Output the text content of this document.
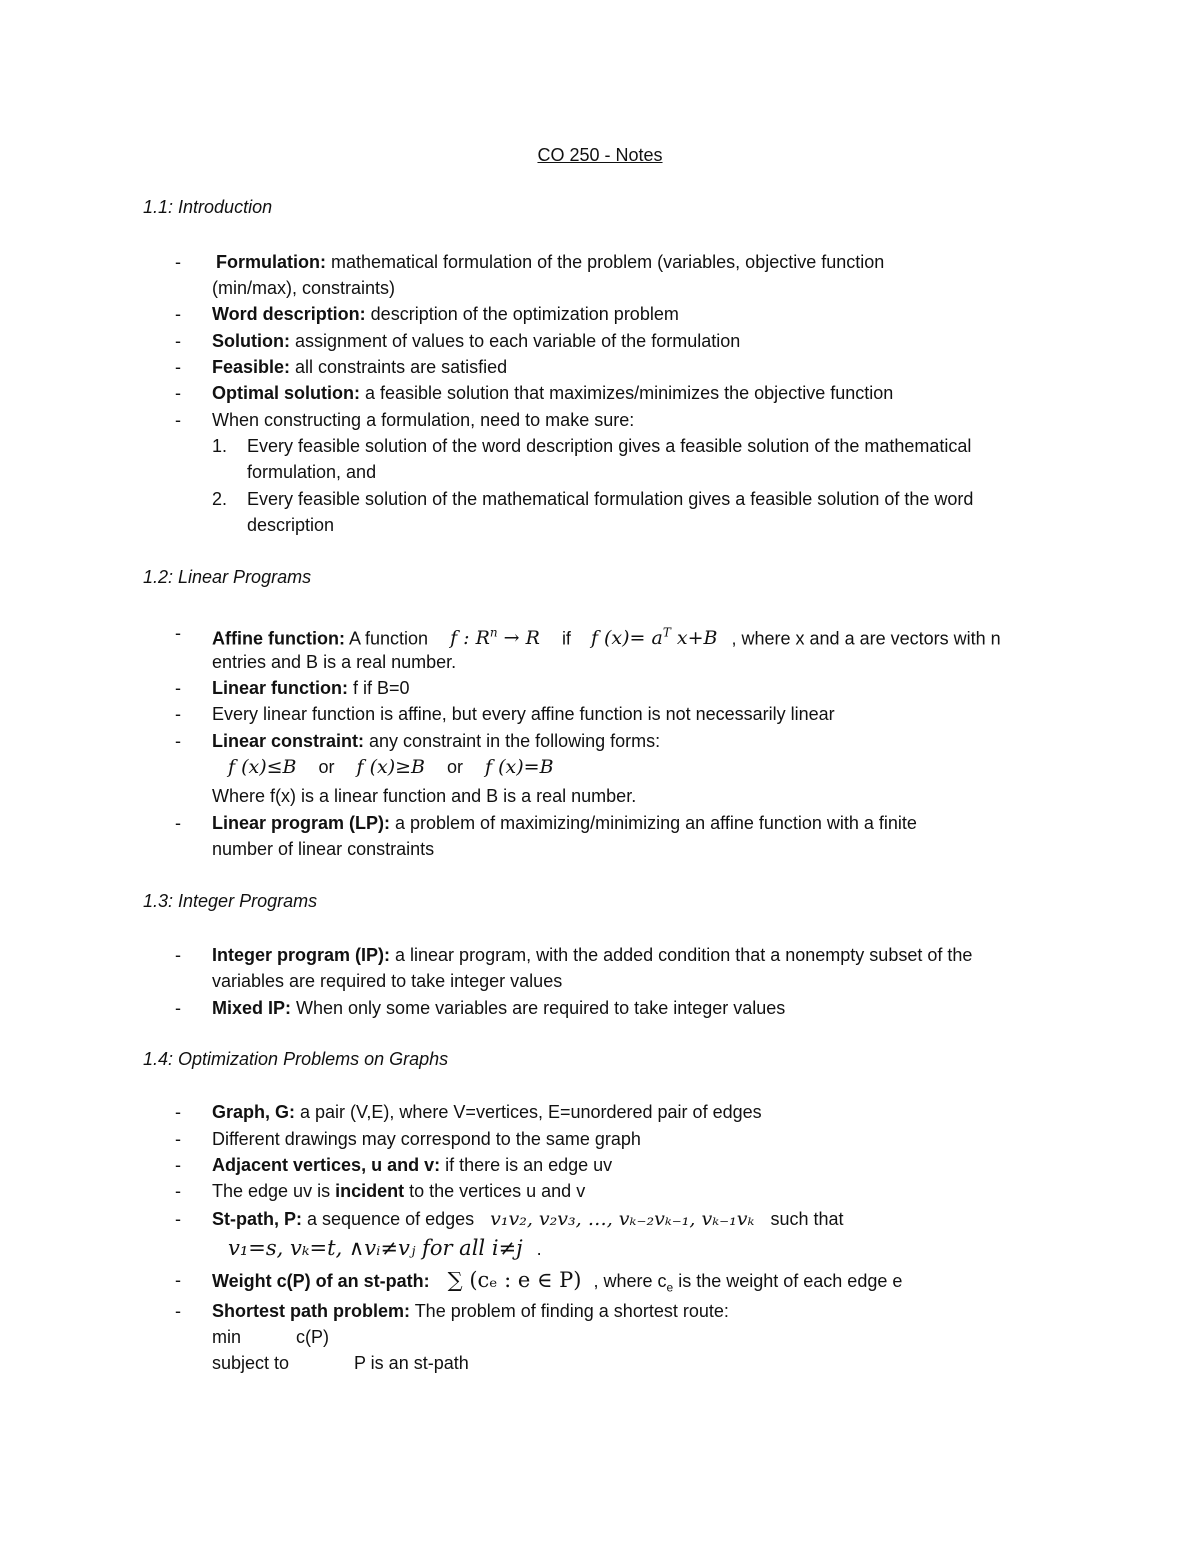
CO 250 - Notes
1.1: Introduction
- Formulation: mathematical formulation of the problem (variables, objective function
(min/max), constraints)
- Word description: description of the optimization problem
- Solution: assignment of values to each variable of the formulation
- Feasible: all constraints are satisfied
- Optimal solution: a feasible solution that maximizes/minimizes the objective function
- When constructing a formulation, need to make sure:
1. Every feasible solution of the word description gives a feasible solution of the mathematical
formulation, and
2. Every feasible solution of the mathematical formulation gives a feasible solution of the word
description
1.2: Linear Programs
- Affine function: A function f : $R^n \to R$ if f $(x)= a^T$ x+B , where x and a are vectors with n
entries and B is a real number.
- Linear function: f if B=0
- Every linear function is affine, but every affine function is not necessarily linear
- Linear constraint: any constraint in the following forms:
f (x)≤B or f (x)≥B or f (x)=B
Where f(x) is a linear function and B is a real number.
- Linear program (LP): a problem of maximizing/minimizing an affine function with a finite
number of linear constraints
1.3: Integer Programs
- Integer program (IP): a linear program, with the added condition that a nonempty subset of the
variables are required to take integer values
- Mixed IP: When only some variables are required to take integer values
1.4: Optimization Problems on Graphs
- Graph, G: a pair (V,E), where V=vertices, E=unordered pair of edges
- Different drawings may correspond to the same graph
- Adjacent vertices, u and v: if there is an edge uv
- The edge uv is incident to the vertices u and v
- St-path, P: a sequence of edges v₁v₂, v₂v₃, …, vₖ₋₂vₖ₋₁, vₖ₋₁vₖ such that
v₁=s, vₖ=t, ∧vᵢ≠vⱼ for all i≠j .
- Weight c(P) of an st-path: ∑ (cₑ : e ∈ P) , where $c_e$ is the weight of each edge e
- Shortest path problem: The problem of finding a shortest route:
min	c(P)
subject to	P is an st-path
